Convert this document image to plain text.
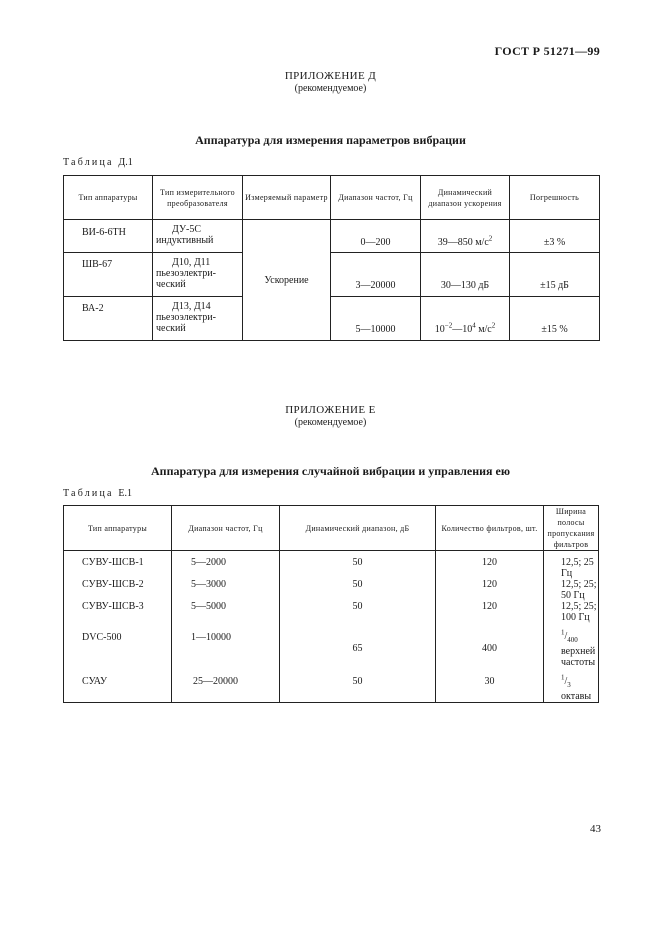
ГОСТ Р 51271—99
ПРИЛОЖЕНИЕ Д
(рекомендуемое)
Аппаратура для измерения параметров вибрации
Таблица Д.1
Тип аппаратуры	Тип измерительного преобразователя	Измеряемый параметр	Диапазон частот, Гц	Динамический диапазон ускорения	Погрешность
ВИ-6-6ТН	ДУ-5С
индуктивный	Ускорение	0—200	39—850 $м/с^2$	±3 %
ШВ-67	Д10, Д11
пьезоэлектри-
ческий		3—20000	30—130 дБ	±15 дБ
ВА-2	Д13, Д14
пьезоэлектри-
ческий		5—10000	$10^{-2}—10^4$ $м/с^2$	±15 %
ПРИЛОЖЕНИЕ Е
(рекомендуемое)
Аппаратура для измерения случайной вибрации и управления ею
Таблица Е.1
Тип аппаратуры	Диапазон частот, Гц	Динамический диапазон, дБ	Количество фильтров, шт.	Ширина полосы пропускания фильтров
СУВУ-ШСВ-1	5—2000	50	120	12,5; 25 Гц
СУВУ-ШСВ-2	5—3000	50	120	12,5; 25; 50 Гц
СУВУ-ШСВ-3	5—5000	50	120	12,5; 25; 100 Гц
DVC-500	1—10000	65	400	$^1/_{400}$ верхней
частоты

СУАУ	25—20000	50	30	$^1/_3$ октавы
43
